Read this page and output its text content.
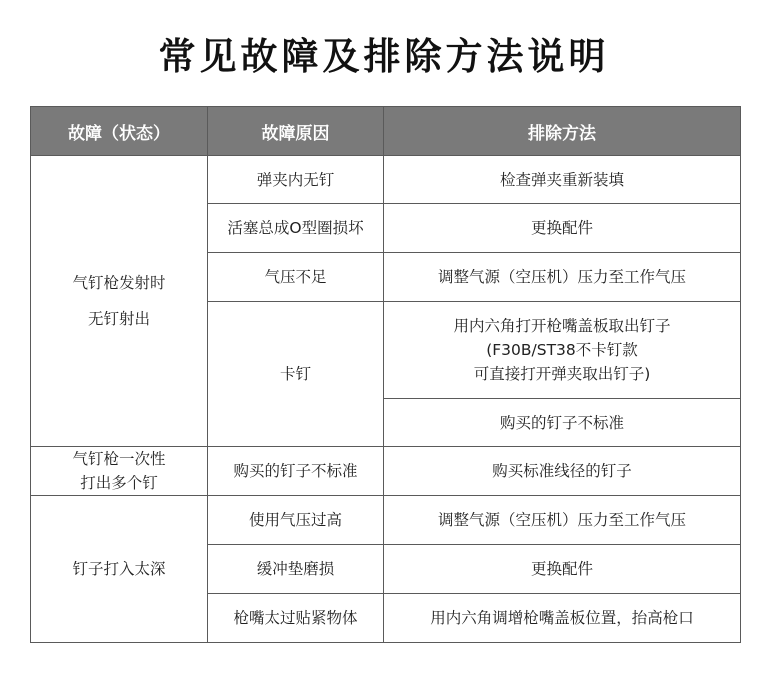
常见故障及排除方法说明
故障（状态）	故障原因	排除方法

气钉枪发射时
无钉射出	弹夹内无钉	检查弹夹重新装填
	活塞总成O型圈损坏	更换配件
	气压不足	调整气源（空压机）压力至工作气压
	卡钉	用内六角打开枪嘴盖板取出钉子
(F30B/ST38不卡钉款
可直接打开弹夹取出钉子)

		购买的钉子不标准

气钉枪一次性
打出多个钉	购买的钉子不标准	购买标准线径的钉子
钉子打入太深	使用气压过高	调整气源（空压机）压力至工作气压
	缓冲垫磨损	更换配件
	枪嘴太过贴紧物体	用内六角调增枪嘴盖板位置，抬高枪口
